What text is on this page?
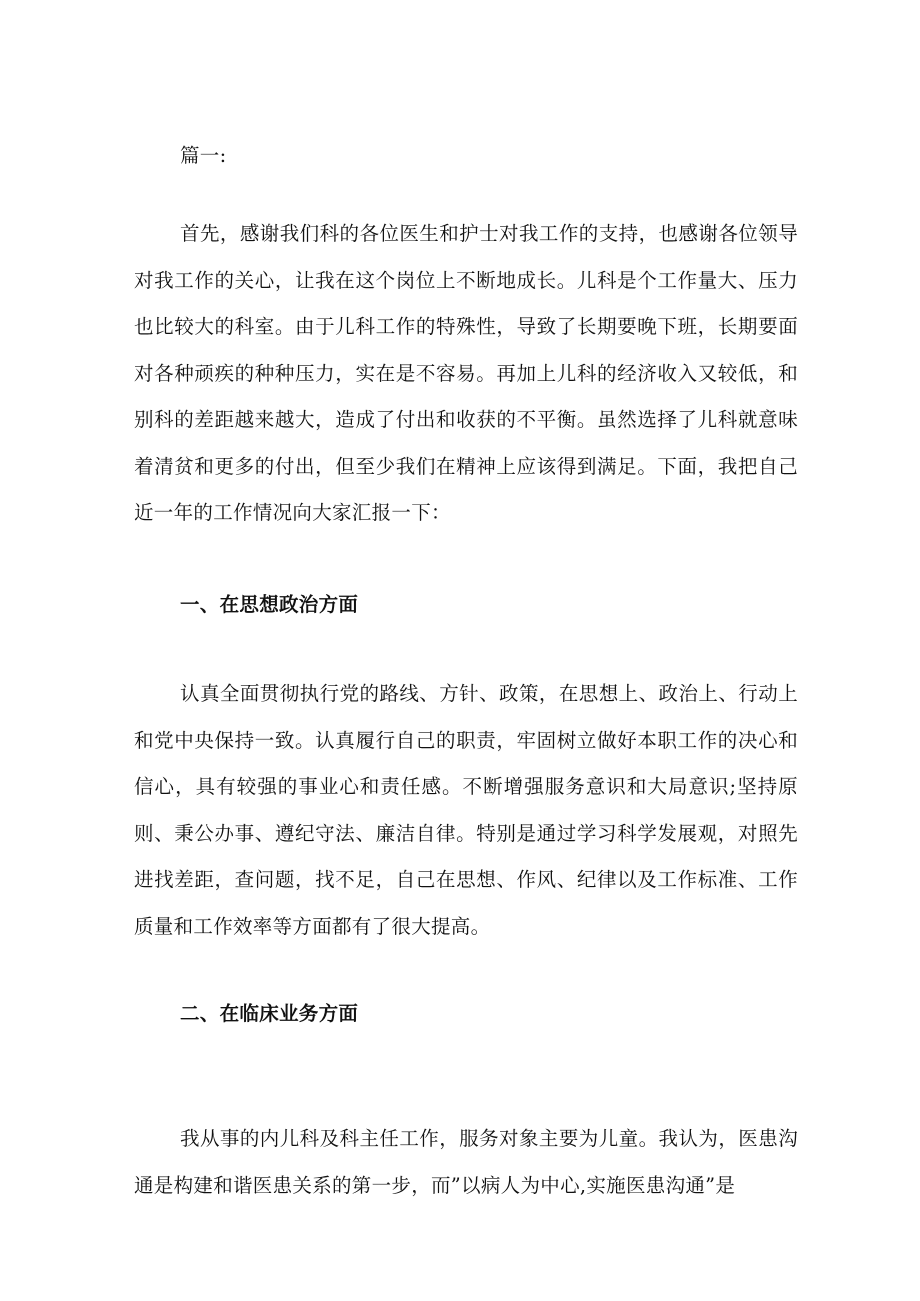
篇一:

首先，感谢我们科的各位医生和护士对我工作的支持，也感谢各位领导对我工作的关心，让我在这个岗位上不断地成长。儿科是个工作量大、压力也比较大的科室。由于儿科工作的特殊性，导致了长期要晚下班，长期要面对各种顽疾的种种压力，实在是不容易。再加上儿科的经济收入又较低，和别科的差距越来越大，造成了付出和收获的不平衡。虽然选择了儿科就意味着清贫和更多的付出，但至少我们在精神上应该得到满足。下面，我把自己近一年的工作情况向大家汇报一下：

一、在思想政治方面

认真全面贯彻执行党的路线、方针、政策，在思想上、政治上、行动上和党中央保持一致。认真履行自己的职责，牢固树立做好本职工作的决心和信心，具有较强的事业心和责任感。不断增强服务意识和大局意识;坚持原则、秉公办事、遵纪守法、廉洁自律。特别是通过学习科学发展观，对照先进找差距，查问题，找不足，自己在思想、作风、纪律以及工作标准、工作质量和工作效率等方面都有了很大提高。

二、在临床业务方面

我从事的内儿科及科主任工作，服务对象主要为儿童。我认为，医患沟通是构建和谐医患关系的第一步，而”以病人为中心,实施医患沟通”是
